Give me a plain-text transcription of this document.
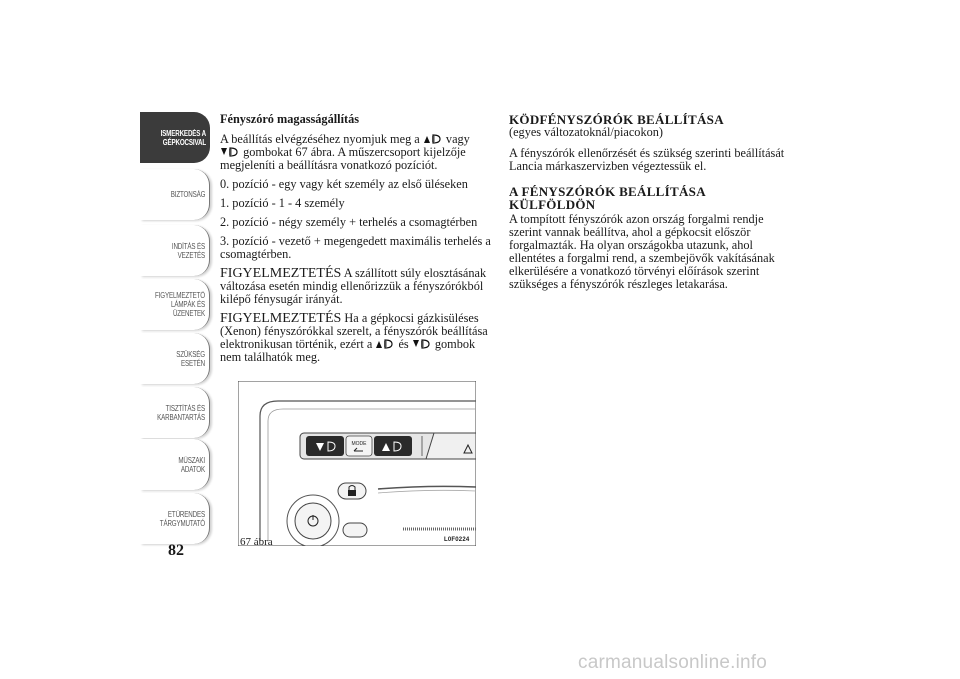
ISMERKEDÉS A GÉPKOCSIVAL
BIZTONSÁG
INDÍTÁS ÉS VEZETÉS
FIGYELMEZTETŐ LÁMPÁK ÉS ÜZENETEK
SZÜKSÉG ESETÉN
TISZTÍTÁS ÉS KARBANTARTÁS
MŰSZAKI ADATOK
ETŰRENDES TÁRGYMUTATÓ
82

Fényszóró magasságállítás

A beállítás elvégzéséhez nyomjuk meg a vagy  gombokat 67 ábra. A műszercsoport kijelzője megjeleníti a beállításra vonatkozó pozíciót.

0. pozíció - egy vagy két személy az első üléseken

1. pozíció - 1 - 4 személy

2. pozíció - négy személy + terhelés a csomagtérben

3. pozíció - vezető + megengedett maximális terhelés a csomagtérben.

FIGYELMEZTETÉS A szállított súly elosztásának változása esetén mindig ellenőrizzük a fényszórókból kilépő fénysugár irányát.

FIGYELMEZTETÉS Ha a gépkocsi gázkisüléses (Xenon) fényszórókkal szerelt, a fényszórók beállítása elektronikusan történik, ezért a és gombok nem találhatók meg.

MODE
67 ábra	L0F0224
KÖDFÉNYSZÓRÓK BEÁLLÍTÁSA

(egyes változatoknál/piacokon)

A fényszórók ellenőrzését és szükség szerinti beállítását Lancia márkaszervizben végeztessük el.

A FÉNYSZÓRÓK BEÁLLÍTÁSA
KÜLFÖLDÖN

A tompított fényszórók azon ország forgalmi rendje szerint vannak beállítva, ahol a gépkocsit először forgalmazták. Ha olyan országokba utazunk, ahol ellentétes a forgalmi rend, a szembejövők vakításának elkerülésére a vonatkozó törvényi előírások szerint szükséges a fényszórók részleges letakarása.

carmanualsonline.info
